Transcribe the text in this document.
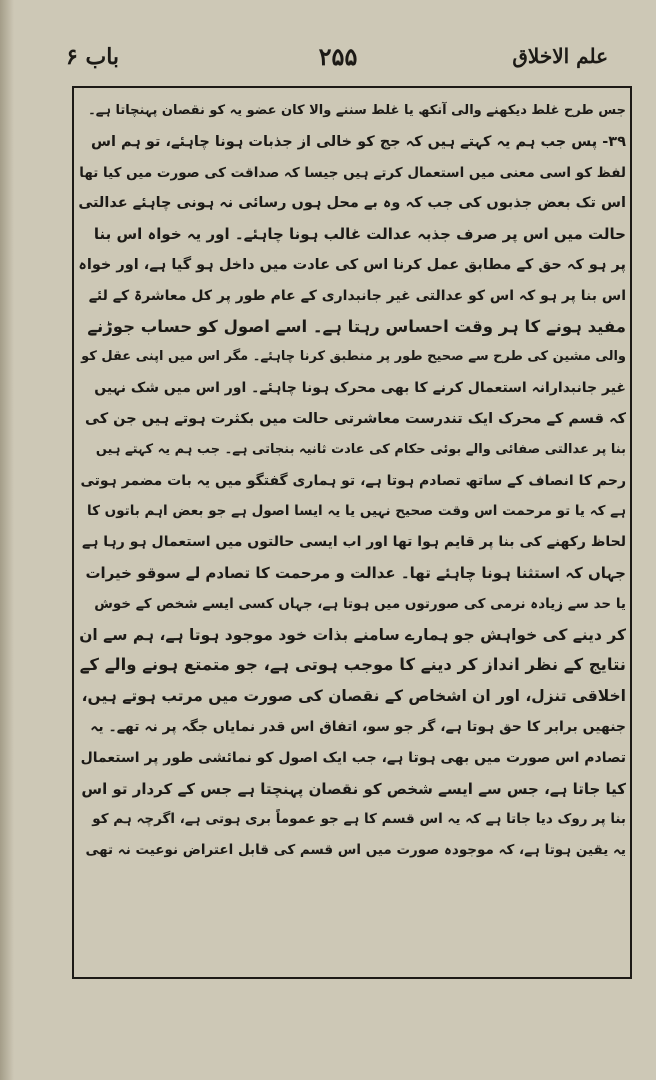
باب ۶	۲۵۵	علم الاخلاق
جس طرح غلط دیکھنے والی آنکھ یا غلط سننے والا کان عضو یہ کو نقصان پہنچاتا ہے۔
۳۹- پس جب ہم یہ کہتے ہیں کہ جج کو خالی از جذبات ہونا چاہئے، تو ہم اس
لفظ کو اسی معنی میں استعمال کرتے ہیں جیسا کہ صداقت کی صورت میں کیا تھا
اس تک بعض جذبوں کی جب کہ وہ بے محل ہوں رسائی نہ ہونی چاہئے عدالتی
حالت میں اس پر صرف جذبہ عدالت غالب ہونا چاہئے۔ اور یہ خواہ اس بنا
پر ہو کہ حق کے مطابق عمل کرنا اس کی عادت میں داخل ہو گیا ہے، اور خواہ
اس بنا پر ہو کہ اس کو عدالتی غیر جانبداری کے عام طور پر کل معاشرۃ کے لئے
مفید ہونے کا ہر وقت احساس رہتا ہے۔ اسے اصول کو حساب جوڑنے
والی مشین کی طرح سے صحیح طور پر منطبق کرنا چاہئے۔ مگر اس میں اپنی عقل کو
غیر جانبدارانہ استعمال کرنے کا بھی محرک ہونا چاہئے۔ اور اس میں شک نہیں
کہ قسم کے محرک ایک تندرست معاشرتی حالت میں بکثرت ہوتے ہیں جن کی
بنا پر عدالتی صفائی والے بوئی حکام کی عادت ثانیہ بنجاتی ہے۔ جب ہم یہ کہتے ہیں
رحم کا انصاف کے ساتھ تصادم ہوتا ہے، تو ہماری گفتگو میں یہ بات مضمر ہوتی
ہے کہ یا تو مرحمت اس وقت صحیح نہیں یا یہ ایسا اصول ہے جو بعض اہم باتوں کا
لحاظ رکھنے کی بنا پر قایم ہوا تھا اور اب ایسی حالتوں میں استعمال ہو رہا ہے
جہاں کہ استثنا ہونا چاہئے تھا۔ عدالت و مرحمت کا تصادم لے سوقو خیرات
یا حد سے زیادہ نرمی کی صورتوں میں ہوتا ہے، جہاں کسی ایسے شخص کے خوش
کر دینے کی خواہش جو ہمارے سامنے بذات خود موجود ہوتا ہے، ہم سے ان
نتایج کے نظر انداز کر دینے کا موجب ہوتی ہے، جو متمتع ہونے والے کے
اخلاقی تنزل، اور ان اشخاص کے نقصان کی صورت میں مرتب ہوتے ہیں،
جنھیں برابر کا حق ہوتا ہے، گر جو سو، اتفاق اس قدر نمایاں جگہ پر نہ تھے۔ یہ
تصادم اس صورت میں بھی ہوتا ہے، جب ایک اصول کو نمائشی طور پر استعمال
کیا جاتا ہے، جس سے ایسے شخص کو نقصان پہنچتا ہے جس کے کردار تو اس
بنا پر روک دیا جاتا ہے کہ یہ اس قسم کا ہے جو عموماً بری ہوتی ہے، اگرچہ ہم کو
یہ یقین ہوتا ہے، کہ موجودہ صورت میں اس قسم کی قابل اعتراض نوعیت نہ تھی
